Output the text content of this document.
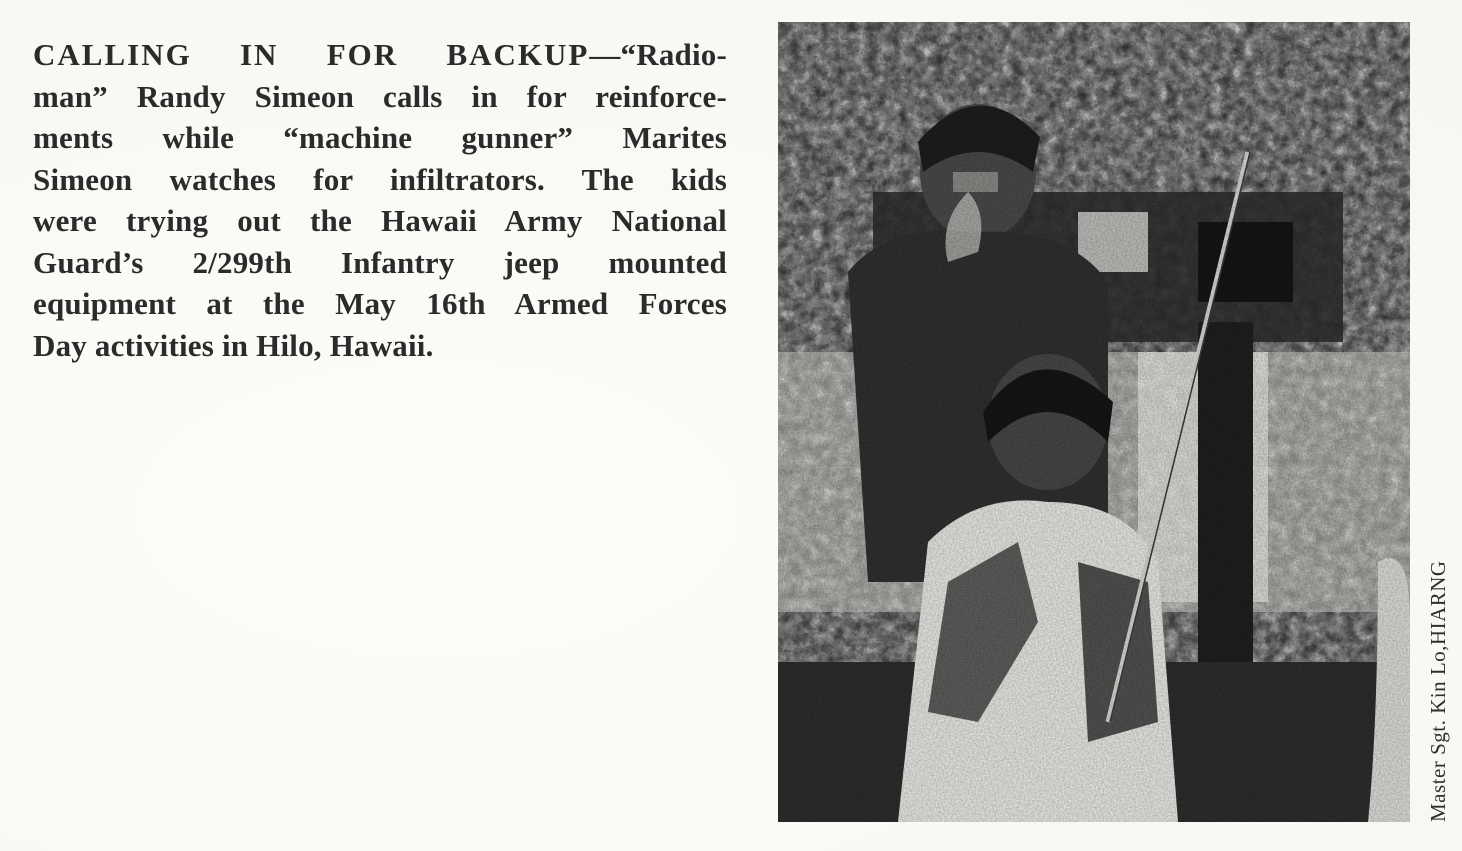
CALLING IN FOR BACKUP—“Radio-
man” Randy Simeon calls in for reinforce-
ments while “machine gunner” Marites
Simeon watches for infiltrators. The kids
were trying out the Hawaii Army National
Guard’s 2/299th Infantry jeep mounted
equipment at the May 16th Armed Forces
Day activities in Hilo, Hawaii.
Master Sgt. Kin Lo,HIARNG
